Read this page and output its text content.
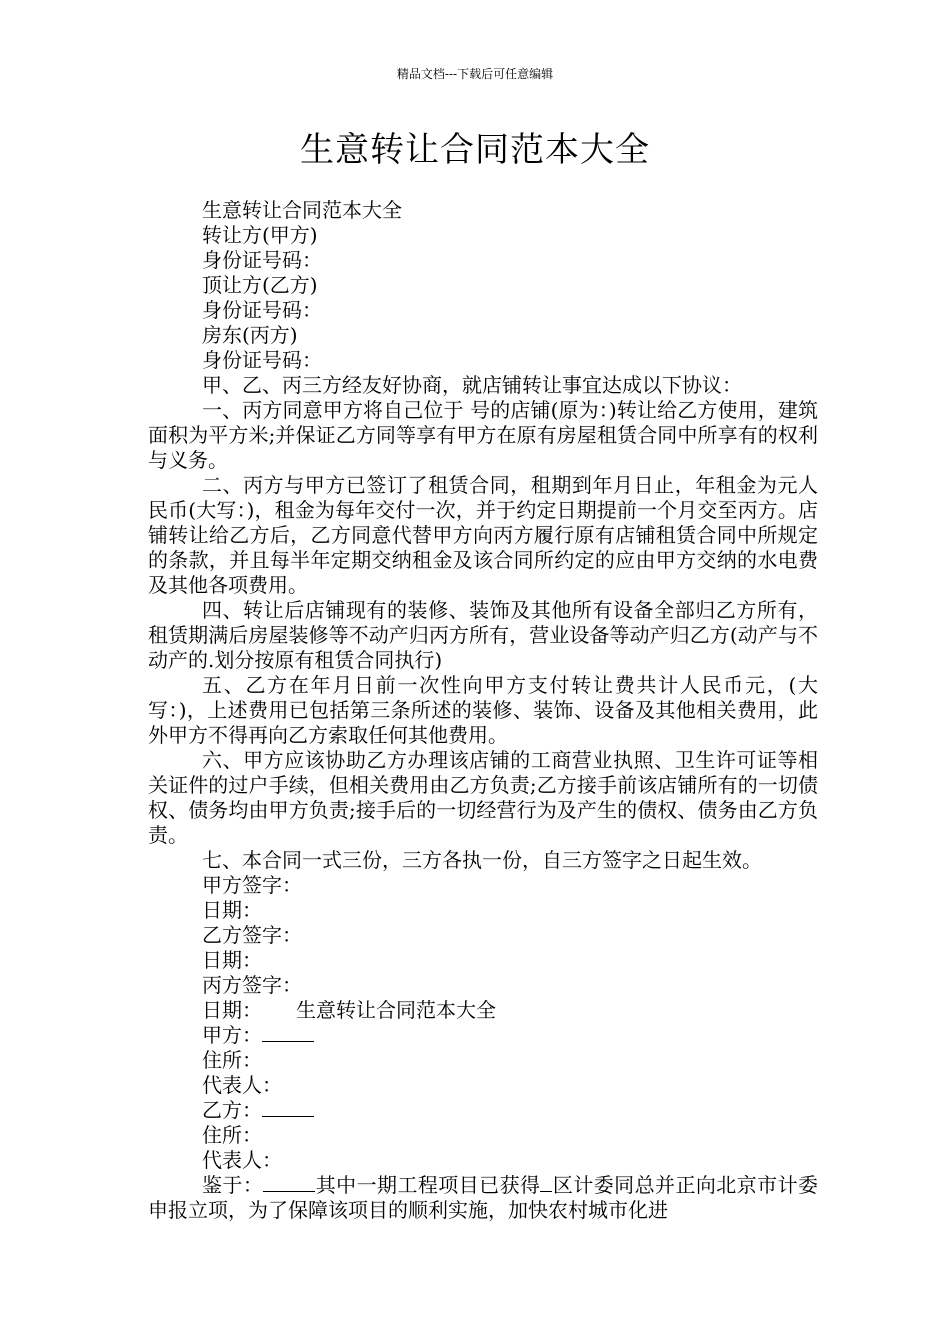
精品文档---下载后可任意编辑
生意转让合同范本大全

生意转让合同范本大全

转让方(甲方)

身份证号码：

顶让方(乙方)

身份证号码：

房东(丙方)

身份证号码：

甲、乙、丙三方经友好协商，就店铺转让事宜达成以下协议：

一、丙方同意甲方将自己位于 号的店铺(原为：)转让给乙方使用，建筑面积为平方米;并保证乙方同等享有甲方在原有房屋租赁合同中所享有的权利与义务。

二、丙方与甲方已签订了租赁合同，租期到年月日止，年租金为元人民币(大写：)，租金为每年交付一次，并于约定日期提前一个月交至丙方。店铺转让给乙方后，乙方同意代替甲方向丙方履行原有店铺租赁合同中所规定的条款，并且每半年定期交纳租金及该合同所约定的应由甲方交纳的水电费及其他各项费用。

四、转让后店铺现有的装修、装饰及其他所有设备全部归乙方所有，租赁期满后房屋装修等不动产归丙方所有，营业设备等动产归乙方(动产与不动产的.划分按原有租赁合同执行)

五、乙方在年月日前一次性向甲方支付转让费共计人民币元，(大写：)，上述费用已包括第三条所述的装修、装饰、设备及其他相关费用，此外甲方不得再向乙方索取任何其他费用。

六、甲方应该协助乙方办理该店铺的工商营业执照、卫生许可证等相关证件的过户手续，但相关费用由乙方负责;乙方接手前该店铺所有的一切债权、债务均由甲方负责;接手后的一切经营行为及产生的债权、债务由乙方负责。

七、本合同一式三份，三方各执一份，自三方签字之日起生效。

甲方签字：

日期：

乙方签字：

日期：

丙方签字：

日期： 生意转让合同范本大全

甲方：

住所：

代表人：

乙方：

住所：

代表人：

鉴于：	其中一期工程项目已获得 区计委同总并正向北京市计委申报立项，为了保障该项目的顺利实施，加快农村城市化进
